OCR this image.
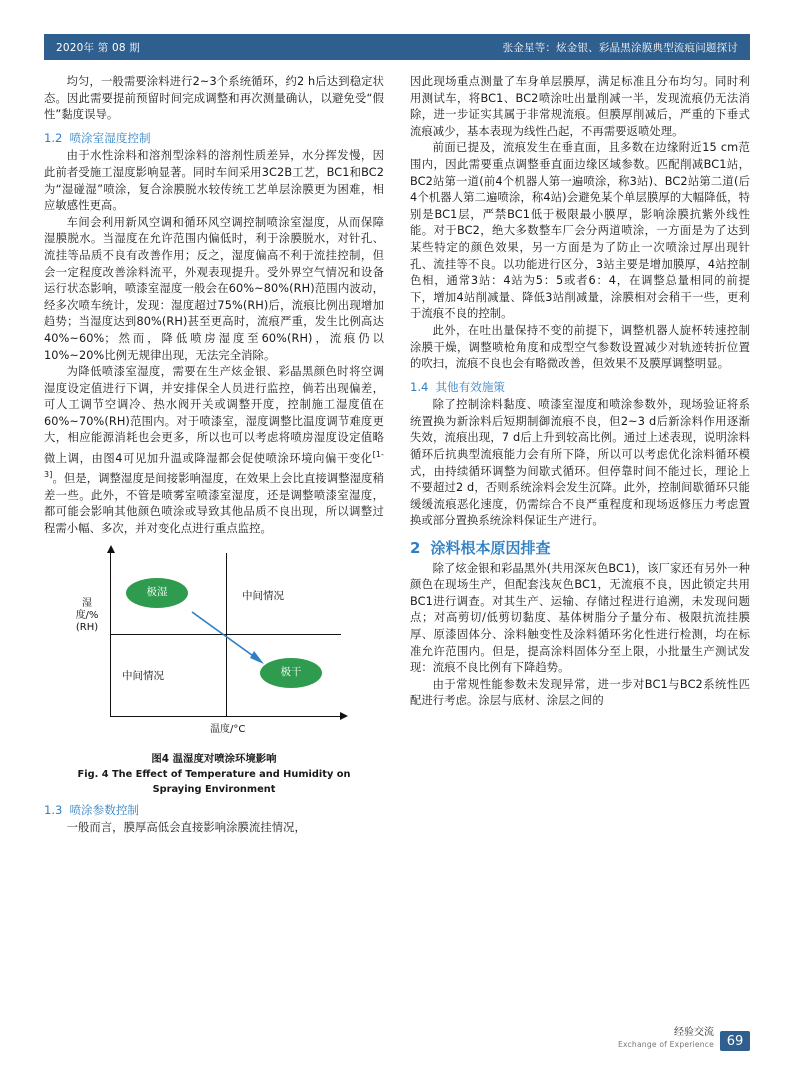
2020年 第 08 期	张金星等：炫金银、彩晶黑涂膜典型流痕问题探讨

均匀，一般需要涂料进行2~3个系统循环，约2 h后达到稳定状态。因此需要提前预留时间完成调整和再次测量确认，以避免受“假性”黏度误导。

1.2 喷涂室湿度控制

由于水性涂料和溶剂型涂料的溶剂性质差异，水分挥发慢，因此前者受施工湿度影响显著。同时车间采用3C2B工艺，BC1和BC2为“湿碰湿”喷涂，复合涂膜脱水较传统工艺单层涂膜更为困难，相应敏感性更高。

车间会利用新风空调和循环风空调控制喷涂室湿度，从而保障湿膜脱水。当湿度在允许范围内偏低时，利于涂膜脱水，对针孔、流挂等品质不良有改善作用；反之，湿度偏高不利于流挂控制，但会一定程度改善涂料流平，外观表现提升。受外界空气情况和设备运行状态影响，喷漆室湿度一般会在60%~80%(RH)范围内波动，经多次喷车统计，发现：湿度超过75%(RH)后，流痕比例出现增加趋势；当湿度达到80%(RH)甚至更高时，流痕严重，发生比例高达40%~60%；然而，降低喷房湿度至60%(RH)，流痕仍以10%~20%比例无规律出现，无法完全消除。

为降低喷漆室湿度，需要在生产炫金银、彩晶黑颜色时将空调湿度设定值进行下调，并安排保全人员进行监控，倘若出现偏差，可人工调节空调冷、热水阀开关或调整开度，控制施工湿度值在60%~70%(RH)范围内。对于喷漆室，湿度调整比温度调节难度更大，相应能源消耗也会更多，所以也可以考虑将喷房湿度设定值略微上调，由图4可见加升温或降湿都会促使喷涂环境向偏干变化[1-3]。但是，调整湿度是间接影响湿度，在效果上会比直接调整湿度稍差一些。此外，不管是喷雾室喷漆室湿度，还是调整喷漆室湿度，都可能会影响其他颜色喷涂或导致其他品质不良出现，所以调整过程需小幅、多次，并对变化点进行重点监控。

湿度/%(RH)
温度/°C
极湿	中间情况
中间情况	极干
图4 温湿度对喷涂环境影响
Fig. 4 The Effect of Temperature and Humidity on
Spraying Environment
1.3 喷涂参数控制

一般而言，膜厚高低会直接影响涂膜流挂情况，

因此现场重点测量了车身单层膜厚，满足标准且分布均匀。同时利用测试车，将BC1、BC2喷涂吐出量削减一半，发现流痕仍无法消除，进一步证实其属于非常规流痕。但膜厚削减后，严重的下垂式流痕减少，基本表现为线性凸起，不再需要返喷处理。

前面已提及，流痕发生在垂直面，且多数在边缘附近15 cm范围内，因此需要重点调整垂直面边缘区域参数。匹配削减BC1站，BC2站第一道(前4个机器人第一遍喷涂，称3站)、BC2站第二道(后4个机器人第二遍喷涂，称4站)会避免某个单层膜厚的大幅降低，特别是BC1层，严禁BC1低于极限最小膜厚，影响涂膜抗紫外线性能。对于BC2，绝大多数整车厂会分两道喷涂，一方面是为了达到某些特定的颜色效果，另一方面是为了防止一次喷涂过厚出现针孔、流挂等不良。以功能进行区分，3站主要是增加膜厚，4站控制色相，通常3站：4站为5：5或者6：4，在调整总量相同的前提下，增加4站削减量、降低3站削减量，涂膜相对会稍干一些，更利于流痕不良的控制。

此外，在吐出量保持不变的前提下，调整机器人旋杯转速控制涂膜干燥，调整喷枪角度和成型空气参数设置减少对轨迹转折位置的吹扫，流痕不良也会有略微改善，但效果不及膜厚调整明显。

1.4 其他有效施策

除了控制涂料黏度、喷漆室湿度和喷涂参数外，现场验证将系统置换为新涂料后短期制御流痕不良，但2~3 d后新涂料作用逐渐失效，流痕出现，7 d后上升到较高比例。通过上述表现，说明涂料循环后抗典型流痕能力会有所下降，所以可以考虑优化涂料循环模式，由持续循环调整为间歇式循环。但停靠时间不能过长，理论上不要超过2 d，否则系统涂料会发生沉降。此外，控制间歇循环只能缓缓流痕恶化速度，仍需综合不良严重程度和现场返修压力考虑置换或部分置换系统涂料保证生产进行。

2 涂料根本原因排查

除了炫金银和彩晶黑外(共用深灰色BC1)，该厂家还有另外一种颜色在现场生产，但配套浅灰色BC1，无流痕不良，因此锁定共用BC1进行调查。对其生产、运输、存储过程进行追溯，未发现问题点；对高剪切/低剪切黏度、基体树脂分子量分布、极限抗流挂膜厚、原漆固体分、涂料触变性及涂料循环劣化性进行检测，均在标准允许范围内。但是，提高涂料固体分至上限，小批量生产测试发现：流痕不良比例有下降趋势。

由于常规性能参数未发现异常，进一步对BC1与BC2系统性匹配进行考虑。涂层与底材、涂层之间的

经验交流
Exchange of Experience 69
